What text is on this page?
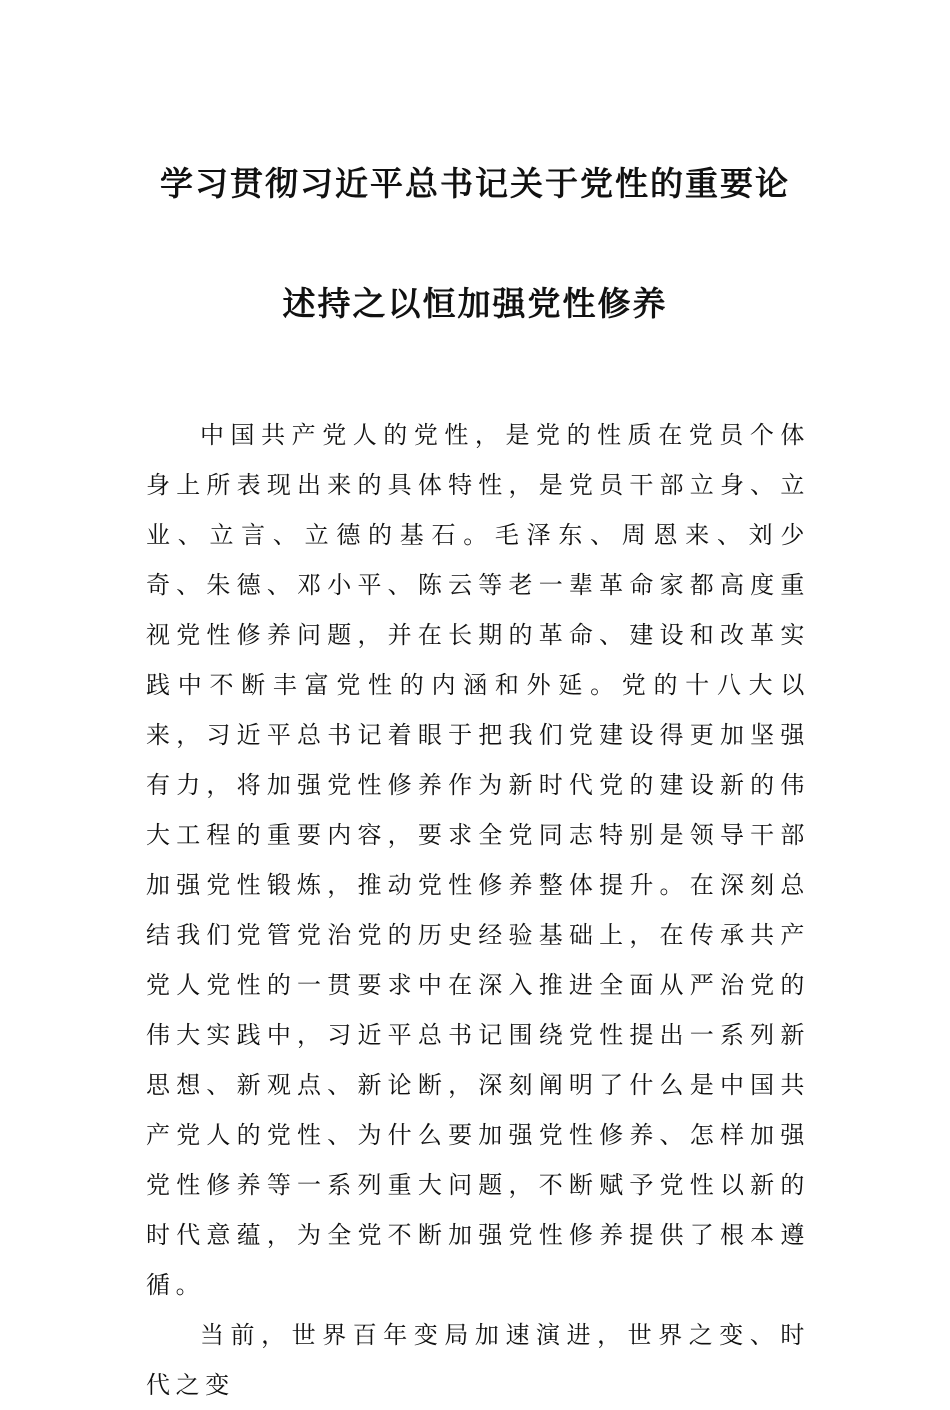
学习贯彻习近平总书记关于党性的重要论
述持之以恒加强党性修养

中国共产党人的党性，是党的性质在党员个体身上所表现出来的具体特性，是党员干部立身、立业、立言、立德的基石。毛泽东、周恩来、刘少奇、朱德、邓小平、陈云等老一辈革命家都高度重视党性修养问题，并在长期的革命、建设和改革实践中不断丰富党性的内涵和外延。党的十八大以来，习近平总书记着眼于把我们党建设得更加坚强有力，将加强党性修养作为新时代党的建设新的伟大工程的重要内容，要求全党同志特别是领导干部加强党性锻炼，推动党性修养整体提升。在深刻总结我们党管党治党的历史经验基础上，在传承共产党人党性的一贯要求中在深入推进全面从严治党的伟大实践中，习近平总书记围绕党性提出一系列新思想、新观点、新论断，深刻阐明了什么是中国共产党人的党性、为什么要加强党性修养、怎样加强党性修养等一系列重大问题，不断赋予党性以新的时代意蕴，为全党不断加强党性修养提供了根本遵循。

当前，世界百年变局加速演进，世界之变、时代之变
